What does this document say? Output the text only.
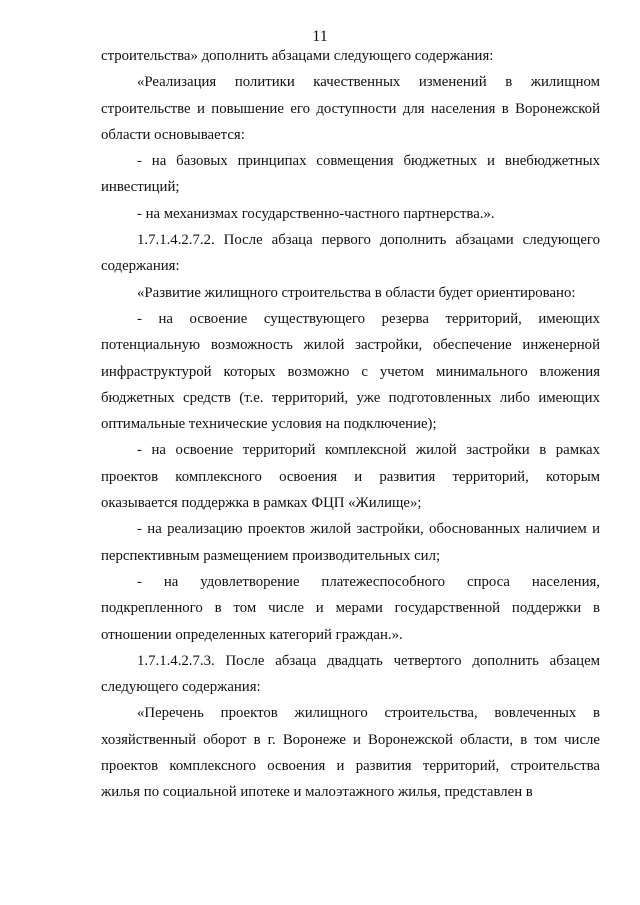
11

строительства» дополнить абзацами следующего содержания:

«Реализация политики качественных изменений в жилищном

строительстве и повышение его доступности для населения в Воронежской

области основывается:

- на базовых принципах совмещения бюджетных и внебюджетных

инвестиций;

- на механизмах государственно-частного партнерства.».

1.7.1.4.2.7.2. После абзаца первого дополнить абзацами следующего

содержания:

«Развитие жилищного строительства в области будет ориентировано:

- на освоение существующего резерва территорий, имеющих

потенциальную возможность жилой застройки, обеспечение инженерной

инфраструктурой которых возможно с учетом минимального вложения

бюджетных средств (т.е. территорий, уже подготовленных либо имеющих

оптимальные технические условия на подключение);

- на освоение территорий комплексной жилой застройки в рамках

проектов комплексного освоения и развития территорий, которым

оказывается поддержка в рамках ФЦП «Жилище»;

- на реализацию проектов жилой застройки, обоснованных наличием и

перспективным размещением производительных сил;

- на удовлетворение платежеспособного спроса населения,

подкрепленного в том числе и мерами государственной поддержки в

отношении определенных категорий граждан.».

1.7.1.4.2.7.3. После абзаца двадцать четвертого дополнить абзацем

следующего содержания:

«Перечень проектов жилищного строительства, вовлеченных в

хозяйственный оборот в г. Воронеже и Воронежской области, в том числе

проектов комплексного освоения и развития территорий, строительства

жилья по социальной ипотеке и малоэтажного жилья, представлен в
